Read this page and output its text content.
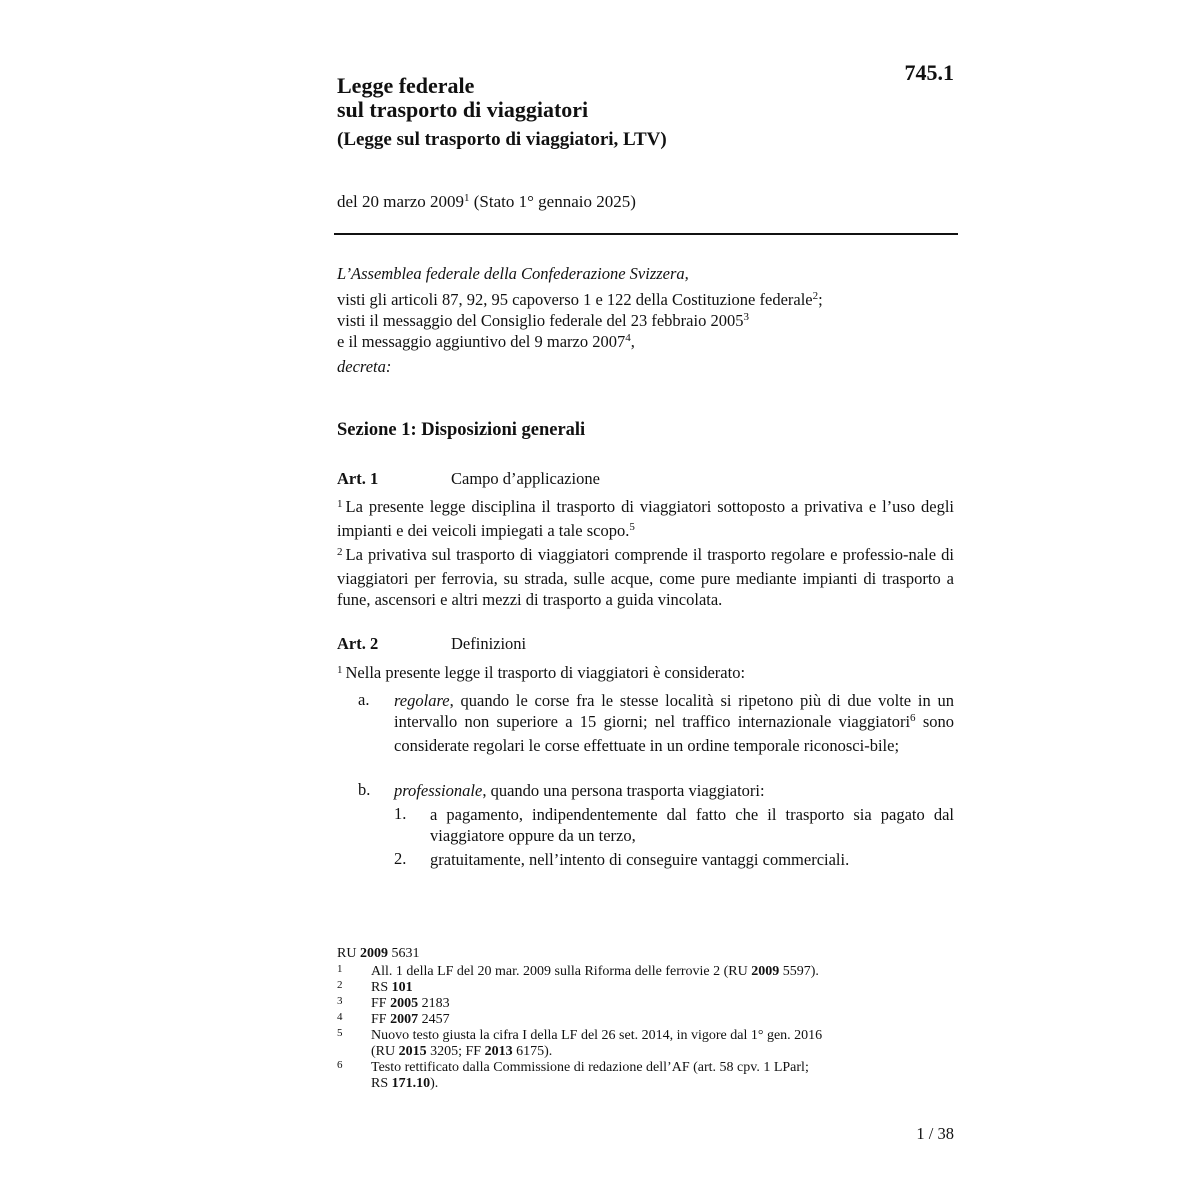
745.1
Legge federale
sul trasporto di viaggiatori
(Legge sul trasporto di viaggiatori, LTV)
del 20 marzo 2009$^1$ (Stato 1° gennaio 2025)
L’Assemblea federale della Confederazione Svizzera,
visti gli articoli 87, 92, 95 capoverso 1 e 122 della Costituzione federale$^2$;
visti il messaggio del Consiglio federale del 23 febbraio 2005$^3$
e il messaggio aggiuntivo del 9 marzo 2007$^4$,
decreta:
Sezione 1: Disposizioni generali
Art. 1	Campo d’applicazione
$^1$ La presente legge disciplina il trasporto di viaggiatori sottoposto a privativa e l’uso degli impianti e dei veicoli impiegati a tale scopo.$^5$
$^2$ La privativa sul trasporto di viaggiatori comprende il trasporto regolare e professio-nale di viaggiatori per ferrovia, su strada, sulle acque, come pure mediante impianti di trasporto a fune, ascensori e altri mezzi di trasporto a guida vincolata.
Art. 2	Definizioni
$^1$ Nella presente legge il trasporto di viaggiatori è considerato:
a. regolare, quando le corse fra le stesse località si ripetono più di due volte in un intervallo non superiore a 15 giorni; nel traffico internazionale viaggiatori$^6$ sono considerate regolari le corse effettuate in un ordine temporale riconosci-bile;
b. professionale, quando una persona trasporta viaggiatori:
1. a pagamento, indipendentemente dal fatto che il trasporto sia pagato dal viaggiatore oppure da un terzo,
2. gratuitamente, nell’intento di conseguire vantaggi commerciali.
RU 2009 5631
1 All. 1 della LF del 20 mar. 2009 sulla Riforma delle ferrovie 2 (RU 2009 5597).
2 RS 101
3 FF 2005 2183
4 FF 2007 2457
5 Nuovo testo giusta la cifra I della LF del 26 set. 2014, in vigore dal 1° gen. 2016
(RU 2015 3205; FF 2013 6175).
6 Testo rettificato dalla Commissione di redazione dell’AF (art. 58 cpv. 1 LParl;
RS 171.10).
1 / 38
